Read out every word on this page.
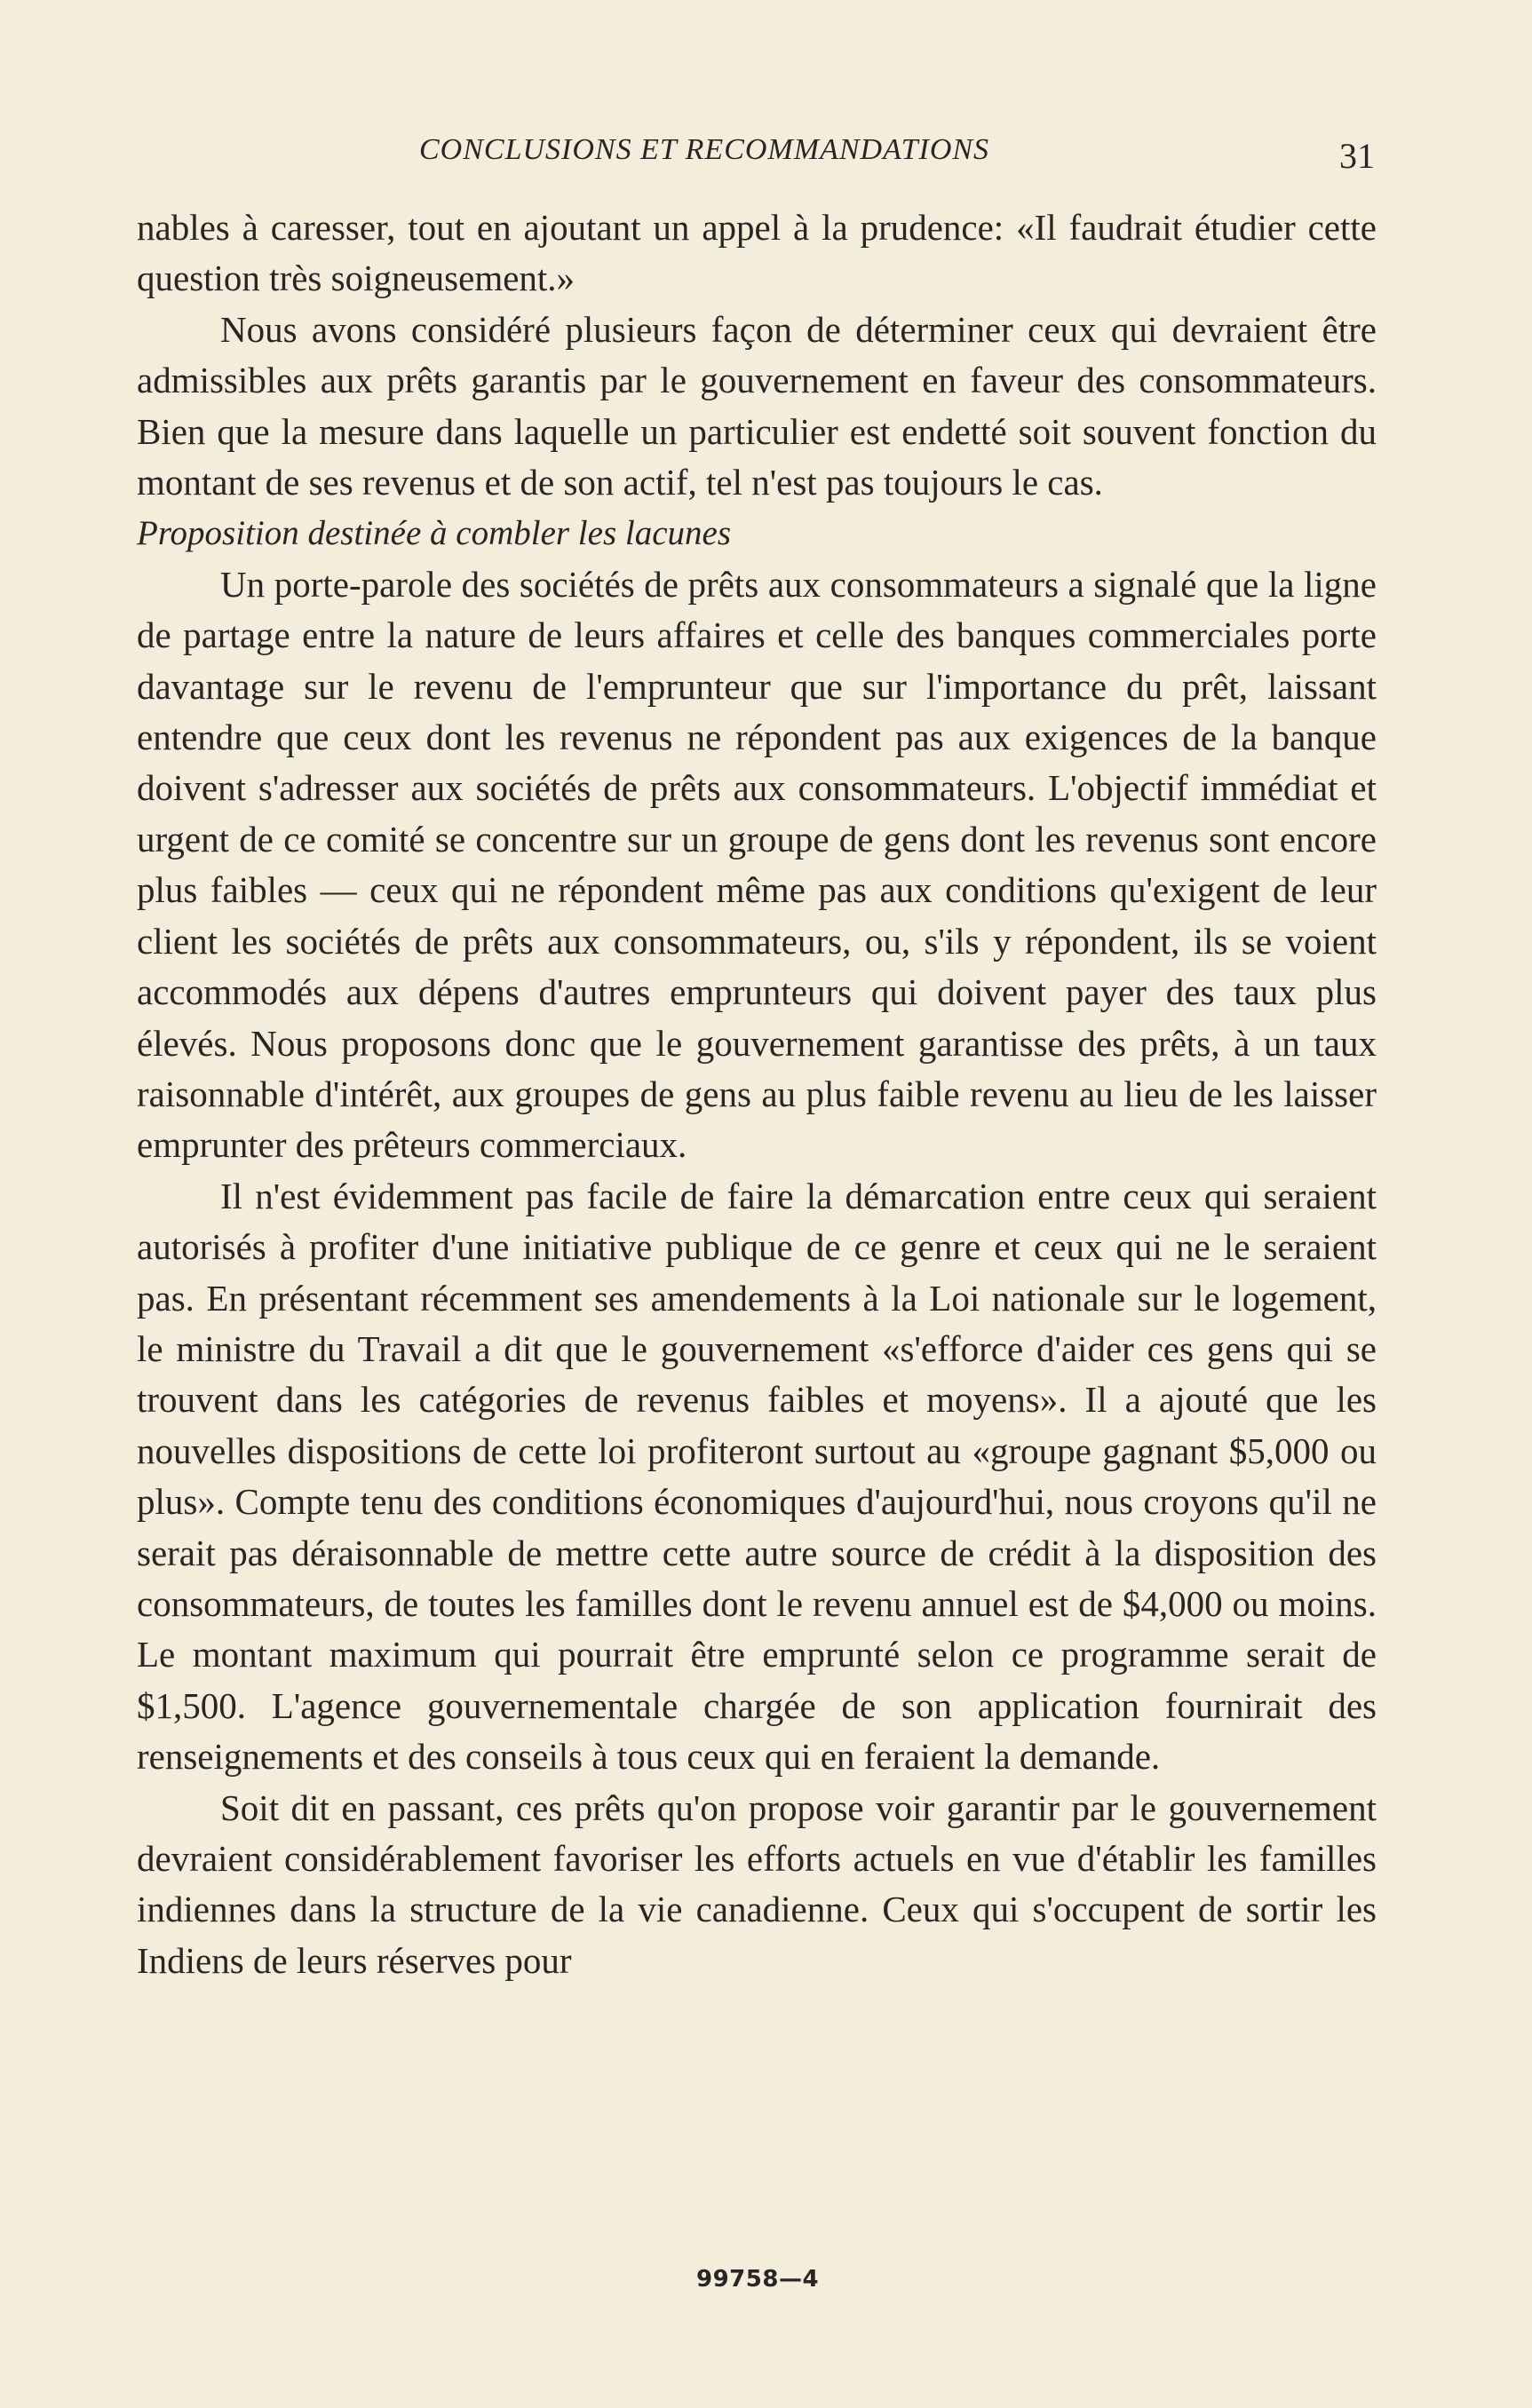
CONCLUSIONS ET RECOMMANDATIONS	31

nables à caresser, tout en ajoutant un appel à la prudence: «Il faudrait étudier cette question très soigneusement.»

Nous avons considéré plusieurs façon de déterminer ceux qui devraient être admissibles aux prêts garantis par le gouvernement en faveur des consommateurs. Bien que la mesure dans laquelle un particulier est endetté soit souvent fonction du montant de ses revenus et de son actif, tel n'est pas toujours le cas.

Proposition destinée à combler les lacunes

Un porte-parole des sociétés de prêts aux consommateurs a signalé que la ligne de partage entre la nature de leurs affaires et celle des banques commerciales porte davantage sur le revenu de l'emprunteur que sur l'importance du prêt, laissant entendre que ceux dont les revenus ne répondent pas aux exigences de la banque doivent s'adresser aux sociétés de prêts aux consommateurs. L'objectif immédiat et urgent de ce comité se concentre sur un groupe de gens dont les revenus sont encore plus faibles — ceux qui ne répondent même pas aux conditions qu'exigent de leur client les sociétés de prêts aux consommateurs, ou, s'ils y répondent, ils se voient accommodés aux dépens d'autres emprunteurs qui doivent payer des taux plus élevés. Nous proposons donc que le gouvernement garantisse des prêts, à un taux raisonnable d'intérêt, aux groupes de gens au plus faible revenu au lieu de les laisser emprunter des prêteurs commerciaux.

Il n'est évidemment pas facile de faire la démarcation entre ceux qui seraient autorisés à profiter d'une initiative publique de ce genre et ceux qui ne le seraient pas. En présentant récemment ses amendements à la Loi nationale sur le logement, le ministre du Travail a dit que le gouvernement «s'efforce d'aider ces gens qui se trouvent dans les catégories de revenus faibles et moyens». Il a ajouté que les nouvelles dispositions de cette loi profiteront surtout au «groupe gagnant $5,000 ou plus». Compte tenu des conditions économiques d'aujourd'hui, nous croyons qu'il ne serait pas déraisonnable de mettre cette autre source de crédit à la disposition des consommateurs, de toutes les familles dont le revenu annuel est de $4,000 ou moins. Le montant maximum qui pourrait être emprunté selon ce programme serait de $1,500. L'agence gouvernementale chargée de son application fournirait des renseignements et des conseils à tous ceux qui en feraient la demande.

Soit dit en passant, ces prêts qu'on propose voir garantir par le gouvernement devraient considérablement favoriser les efforts actuels en vue d'établir les familles indiennes dans la structure de la vie canadienne. Ceux qui s'occupent de sortir les Indiens de leurs réserves pour

99758—4
